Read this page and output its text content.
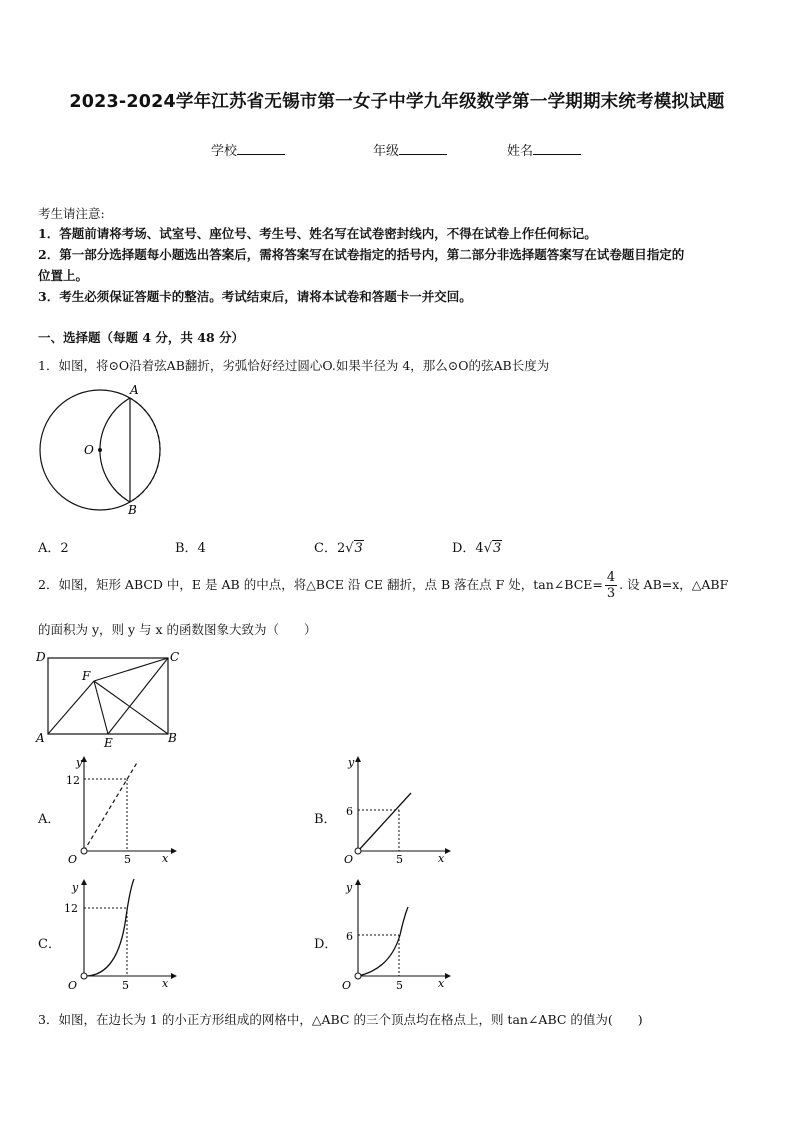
2023-2024学年江苏省无锡市第一女子中学九年级数学第一学期期末统考模拟试题
学校	年级	姓名
考生请注意:
1．答题前请将考场、试室号、座位号、考生号、姓名写在试卷密封线内，不得在试卷上作任何标记。
2．第一部分选择题每小题选出答案后，需将答案写在试卷指定的括号内，第二部分非选择题答案写在试卷题目指定的
位置上。
3．考生必须保证答题卡的整洁。考试结束后，请将本试卷和答题卡一并交回。
一、选择题（每题 4 分，共 48 分）
1．如图，将⊙O沿着弦AB翻折，劣弧恰好经过圆心O.如果半径为 4，那么⊙O的弦AB长度为
O
A
B
A．2	B．4	C．2√3	D．4√3
2．如图，矩形 ABCD 中，E 是 AB 的中点，将△BCE 沿 CE 翻折，点 B 落在点 F 处，tan∠BCE= $\frac{4}{3}$ . 设 AB=x，△ABF
的面积为 y，则 y 与 x 的函数图象大致为（　　）
D	C
A	B
E
F
A．
y
x
12
5
O
B．
y
x
6
5
O
C．
y
x
12
5
O
D．
y
x
6
5
O
3．如图，在边长为 1 的小正方形组成的网格中，△ABC 的三个顶点均在格点上，则 tan∠ABC 的值为(　　)
